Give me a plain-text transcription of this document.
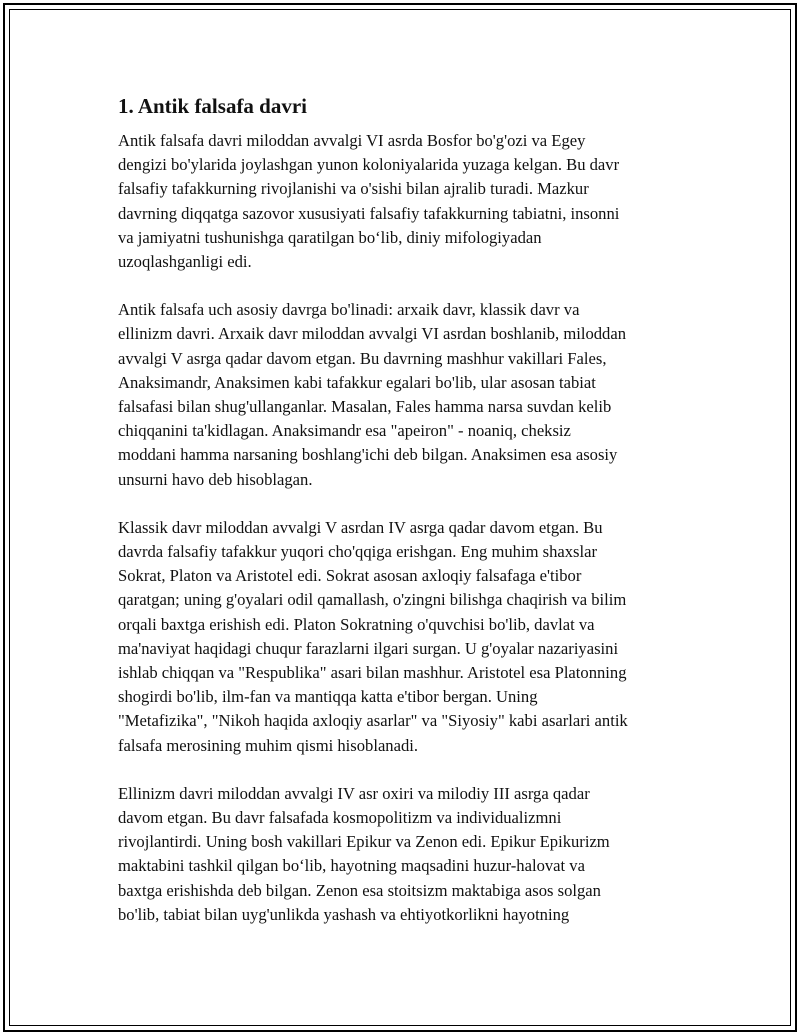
1. Antik falsafa davri
Antik falsafa davri miloddan avvalgi VI asrda Bosfor bo'g'ozi va Egey
dengizi bo'ylarida joylashgan yunon koloniyalarida yuzaga kelgan. Bu davr
falsafiy tafakkurning rivojlanishi va o'sishi bilan ajralib turadi. Mazkur
davrning diqqatga sazovor xususiyati falsafiy tafakkurning tabiatni, insonni
va jamiyatni tushunishga qaratilgan bo‘lib, diniy mifologiyadan
uzoqlashganligi edi.
Antik falsafa uch asosiy davrga bo'linadi: arxaik davr, klassik davr va
ellinizm davri. Arxaik davr miloddan avvalgi VI asrdan boshlanib, miloddan
avvalgi V asrga qadar davom etgan. Bu davrning mashhur vakillari Fales,
Anaksimandr, Anaksimen kabi tafakkur egalari bo'lib, ular asosan tabiat
falsafasi bilan shug'ullanganlar. Masalan, Fales hamma narsa suvdan kelib
chiqqanini ta'kidlagan. Anaksimandr esa "apeiron" - noaniq, cheksiz
moddani hamma narsaning boshlang'ichi deb bilgan. Anaksimen esa asosiy
unsurni havo deb hisoblagan.
Klassik davr miloddan avvalgi V asrdan IV asrga qadar davom etgan. Bu
davrda falsafiy tafakkur yuqori cho'qqiga erishgan. Eng muhim shaxslar
Sokrat, Platon va Aristotel edi. Sokrat asosan axloqiy falsafaga e'tibor
qaratgan; uning g'oyalari odil qamallash, o'zingni bilishga chaqirish va bilim
orqali baxtga erishish edi. Platon Sokratning o'quvchisi bo'lib, davlat va
ma'naviyat haqidagi chuqur farazlarni ilgari surgan. U g'oyalar nazariyasini
ishlab chiqqan va "Respublika" asari bilan mashhur. Aristotel esa Platonning
shogirdi bo'lib, ilm-fan va mantiqqa katta e'tibor bergan. Uning
"Metafizika", "Nikoh haqida axloqiy asarlar" va "Siyosiy" kabi asarlari antik
falsafa merosining muhim qismi hisoblanadi.
Ellinizm davri miloddan avvalgi IV asr oxiri va milodiy III asrga qadar
davom etgan. Bu davr falsafada kosmopolitizm va individualizmni
rivojlantirdi. Uning bosh vakillari Epikur va Zenon edi. Epikur Epikurizm
maktabini tashkil qilgan bo‘lib, hayotning maqsadini huzur-halovat va
baxtga erishishda deb bilgan. Zenon esa stoitsizm maktabiga asos solgan
bo'lib, tabiat bilan uyg'unlikda yashash va ehtiyotkorlikni hayotning
